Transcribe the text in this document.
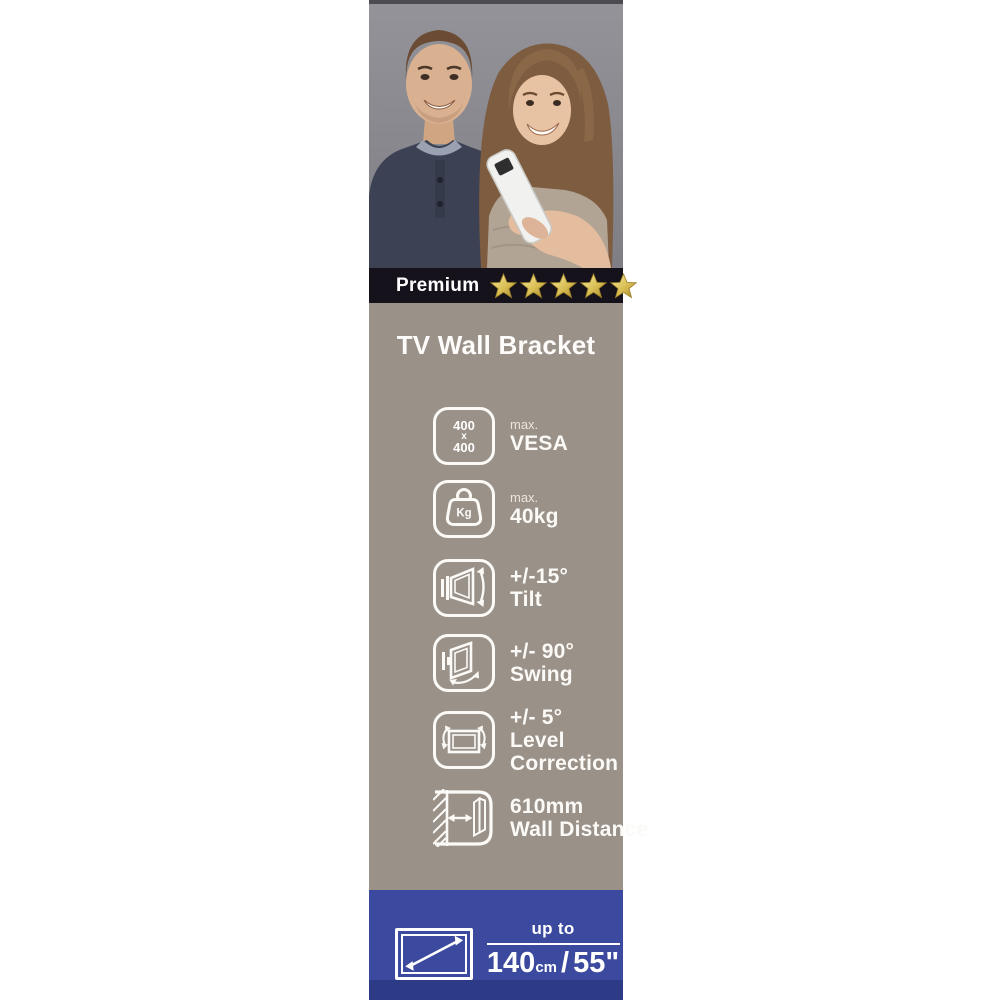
Premium
TV Wall Bracket
400
x
400
max.
VESA
Kg
max.
40kg
+/-15°
Tilt
+/- 90°
Swing
+/- 5°
Level
Correction
610mm
Wall Distance
up to
140 cm / 55"
